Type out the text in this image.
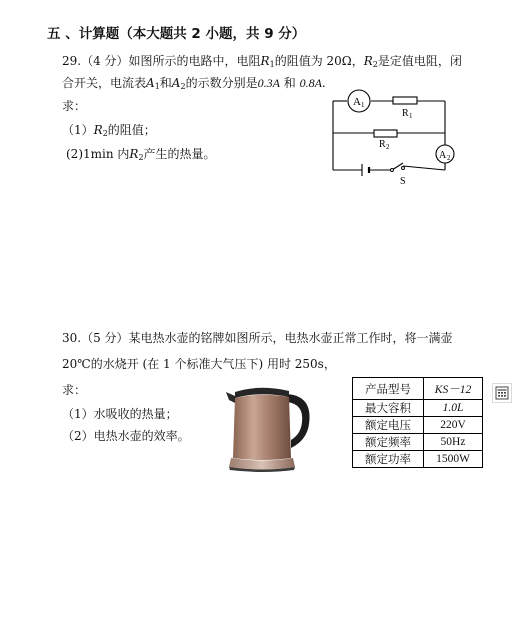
五 、计算题（本大题共 2 小题，共 9 分）
29.（4 分）如图所示的电路中，电阻$R_1$的阻值为 20Ω，$R_2$是定值电阻，闭
合开关，电流表$A_1$和$A_2$的示数分别是0.3A 和 0.8A.
求：
$(1)R_2$的阻值；
(2)1min 内$R_2$产生的热量。
A 1
R 1
R 2
A 2
S
30.（5 分）某电热水壶的铭牌如图所示，电热水壶正常工作时，将一满壶
20℃的水烧开 (在 1 个标准大气压下) 用时 250s，
求：
（1）水吸收的热量；
（2）电热水壶的效率。
产品型号	KS－12
最大容积	1.0L
额定电压	220V
额定频率	50Hz
额定功率	1500W
